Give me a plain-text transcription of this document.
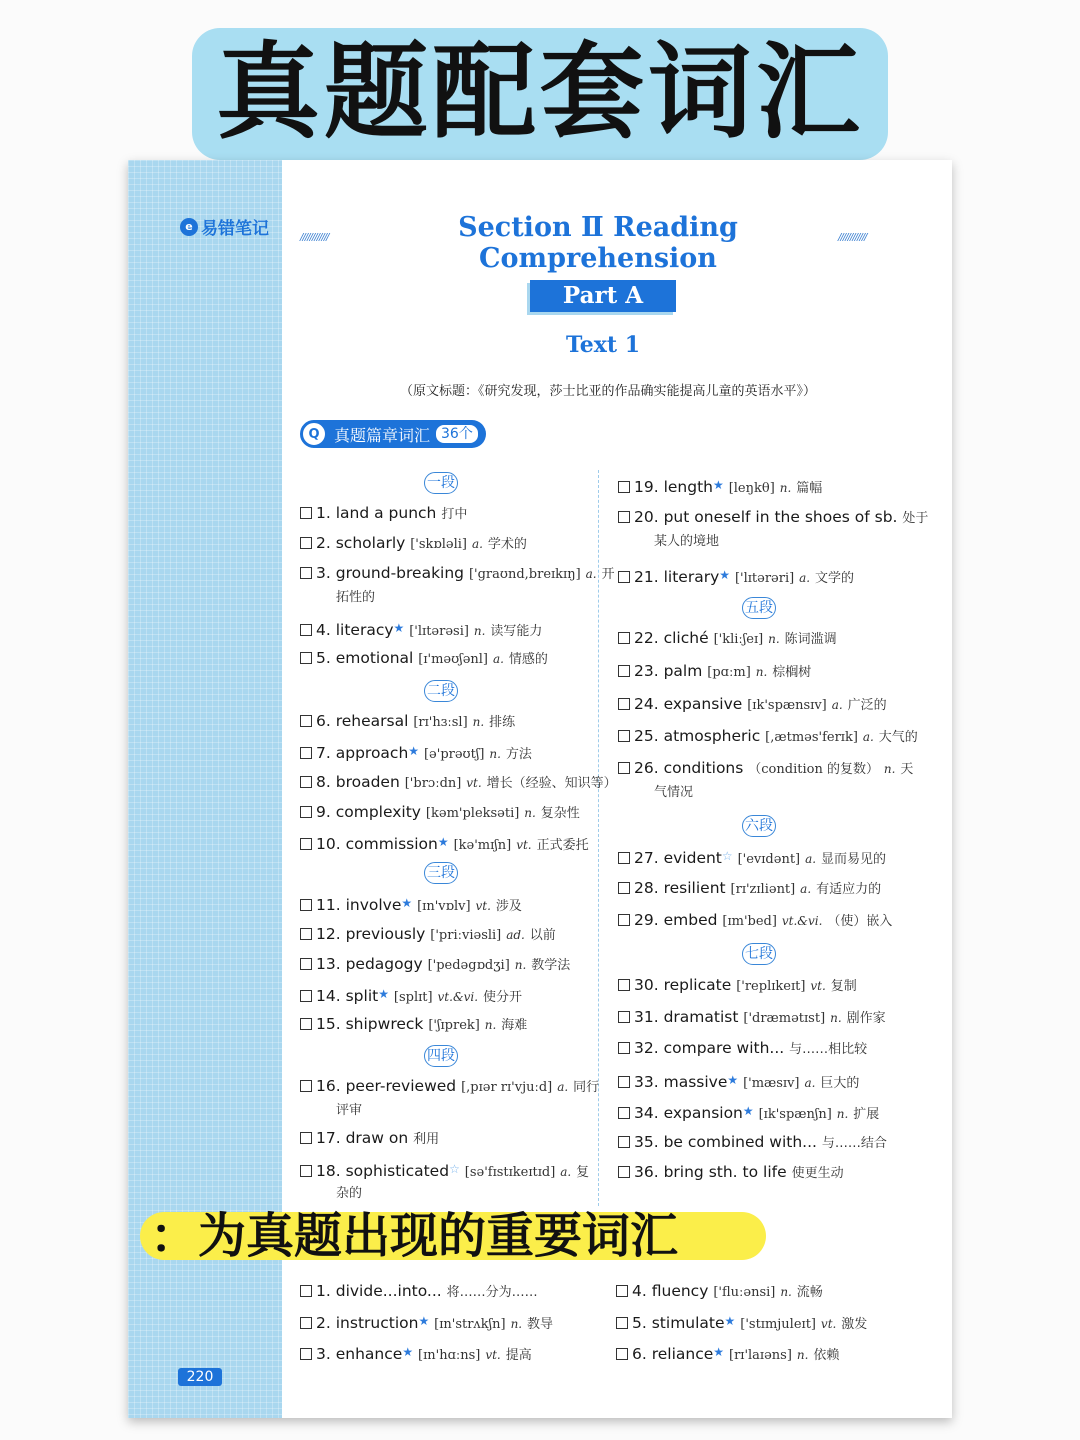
真题配套词汇
e 易错笔记
220
////////////	////////////
Section Ⅱ Reading Comprehension
Part A
Text 1
（原文标题：《研究发现，莎士比亚的作品确实能提高儿童的英语水平》）
Q 真题篇章词汇 36个
一段
1. land a punch 打中
2. scholarly ['skɒləli] a. 学术的
3. ground-breaking ['graʊnd,breɪkɪŋ] a. 开
拓性的
4. literacy★ ['lɪtərəsi] n. 读写能力
5. emotional [ɪ'məʊʃənl] a. 情感的
6. rehearsal [rɪ'hɜːsl] n. 排练
7. approach★ [ə'prəʊtʃ] n. 方法
8. broaden ['brɔːdn] vt. 增长（经验、知识等）
9. complexity [kəm'pleksəti] n. 复杂性
10. commission★ [kə'mɪʃn] vt. 正式委托
11. involve★ [ɪn'vɒlv] vt. 涉及
12. previously ['priːviəsli] ad. 以前
13. pedagogy ['pedəgɒdʒi] n. 教学法
14. split★ [splɪt] vt.&vi. 使分开
15. shipwreck ['ʃɪprek] n. 海难
16. peer-reviewed [,pɪər rɪ'vjuːd] a. 同行
评审
17. draw on 利用
18. sophisticated☆ [sə'fɪstɪkeɪtɪd] a. 复
杂的
二段
三段
四段
19. length★ [leŋkθ] n. 篇幅
20. put oneself in the shoes of sb. 处于
某人的境地
21. literary★ ['lɪtərəri] a. 文学的
22. cliché ['kliːʃeɪ] n. 陈词滥调
23. palm [pɑːm] n. 棕榈树
24. expansive [ɪk'spænsɪv] a. 广泛的
25. atmospheric [,ætməs'ferɪk] a. 大气的
26. conditions （condition 的复数） n. 天
气情况
27. evident☆ ['evɪdənt] a. 显而易见的
28. resilient [rɪ'zɪliənt] a. 有适应力的
29. embed [ɪm'bed] vt.&vi. （使）嵌入
30. replicate ['replɪkeɪt] vt. 复制
31. dramatist ['dræmətɪst] n. 剧作家
32. compare with... 与……相比较
33. massive★ ['mæsɪv] a. 巨大的
34. expansion★ [ɪk'spænʃn] n. 扩展
35. be combined with... 与……结合
36. bring sth. to life 使更生动
五段
六段
七段
1. divide...into... 将……分为……
2. instruction★ [ɪn'strʌkʃn] n. 教导
3. enhance★ [ɪn'hɑːns] vt. 提高
4. fluency ['fluːənsi] n. 流畅
5. stimulate★ ['stɪmjuleɪt] vt. 激发
6. reliance★ [rɪ'laɪəns] n. 依赖
：为真题出现的重要词汇
